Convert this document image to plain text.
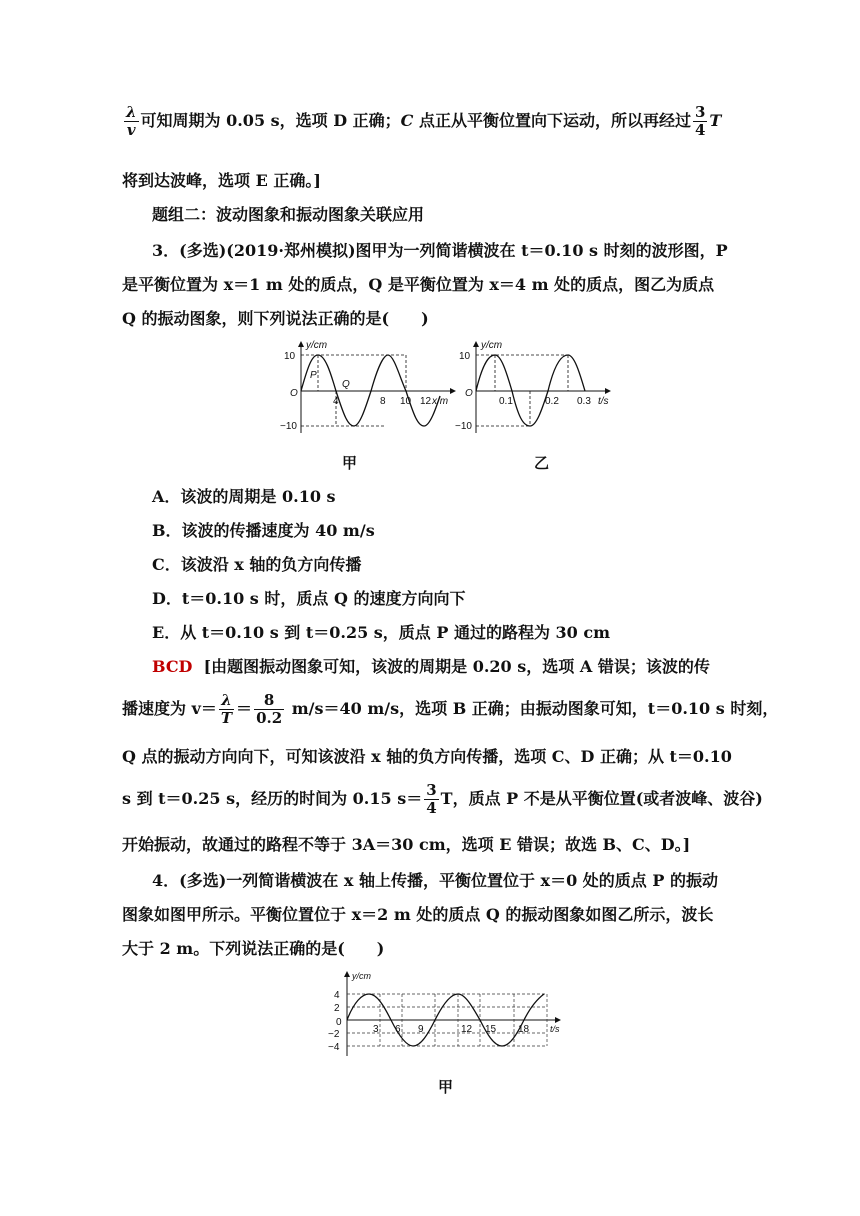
$\frac{\lambda}{v}$ 可知周期为 0.05 s，选项 D 正确；C 点正从平衡位置向下运动，所以再经过 $\frac{3}{4}$ T
将到达波峰，选项 E 正确。]
题组二：波动图象和振动图象关联应用
3．(多选)(2019·郑州模拟)图甲为一列简谐横波在 t＝0.10 s 时刻的波形图，P
是平衡位置为 x＝1 m 处的质点，Q 是平衡位置为 x＝4 m 处的质点，图乙为质点
Q 的振动图象，则下列说法正确的是(　　)
10
−10
y/cm
O
P
Q
4	8 10 12 x/m
甲
10
−10
y/cm
O
0.1	0.2 0.3 t/s
乙
A．该波的周期是 0.10 s
B．该波的传播速度为 40 m/s
C．该波沿 x 轴的负方向传播
D．t＝0.10 s 时，质点 Q 的速度方向向下
E．从 t＝0.10 s 到 t＝0.25 s，质点 P 通过的路程为 30 cm
BCD [由题图振动图象可知，该波的周期是 0.20 s，选项 A 错误；该波的传
播速度为 $v= \frac{\lambda}{T} = \frac{8}{0.2} m/s=40$ m/s，选项 B 正确；由振动图象可知，t＝0.10 s 时刻，
Q 点的振动方向向下，可知该波沿 x 轴的负方向传播，选项 C、D 正确；从 t＝0.10
s 到 t＝0.25 s，经历的时间为 0.15 $s= \frac{3}{4}$ T，质点 P 不是从平衡位置(或者波峰、波谷)
开始振动，故通过的路程不等于 3A＝30 cm，选项 E 错误；故选 B、C、D。]
4．(多选)一列简谐横波在 x 轴上传播，平衡位置位于 x＝0 处的质点 P 的振动
图象如图甲所示。平衡位置位于 x＝2 m 处的质点 Q 的振动图象如图乙所示，波长
大于 2 m。下列说法正确的是(　　)
y/cm
4
2
0
−2
−4
3 6 9	12 15 18 t/s
甲
